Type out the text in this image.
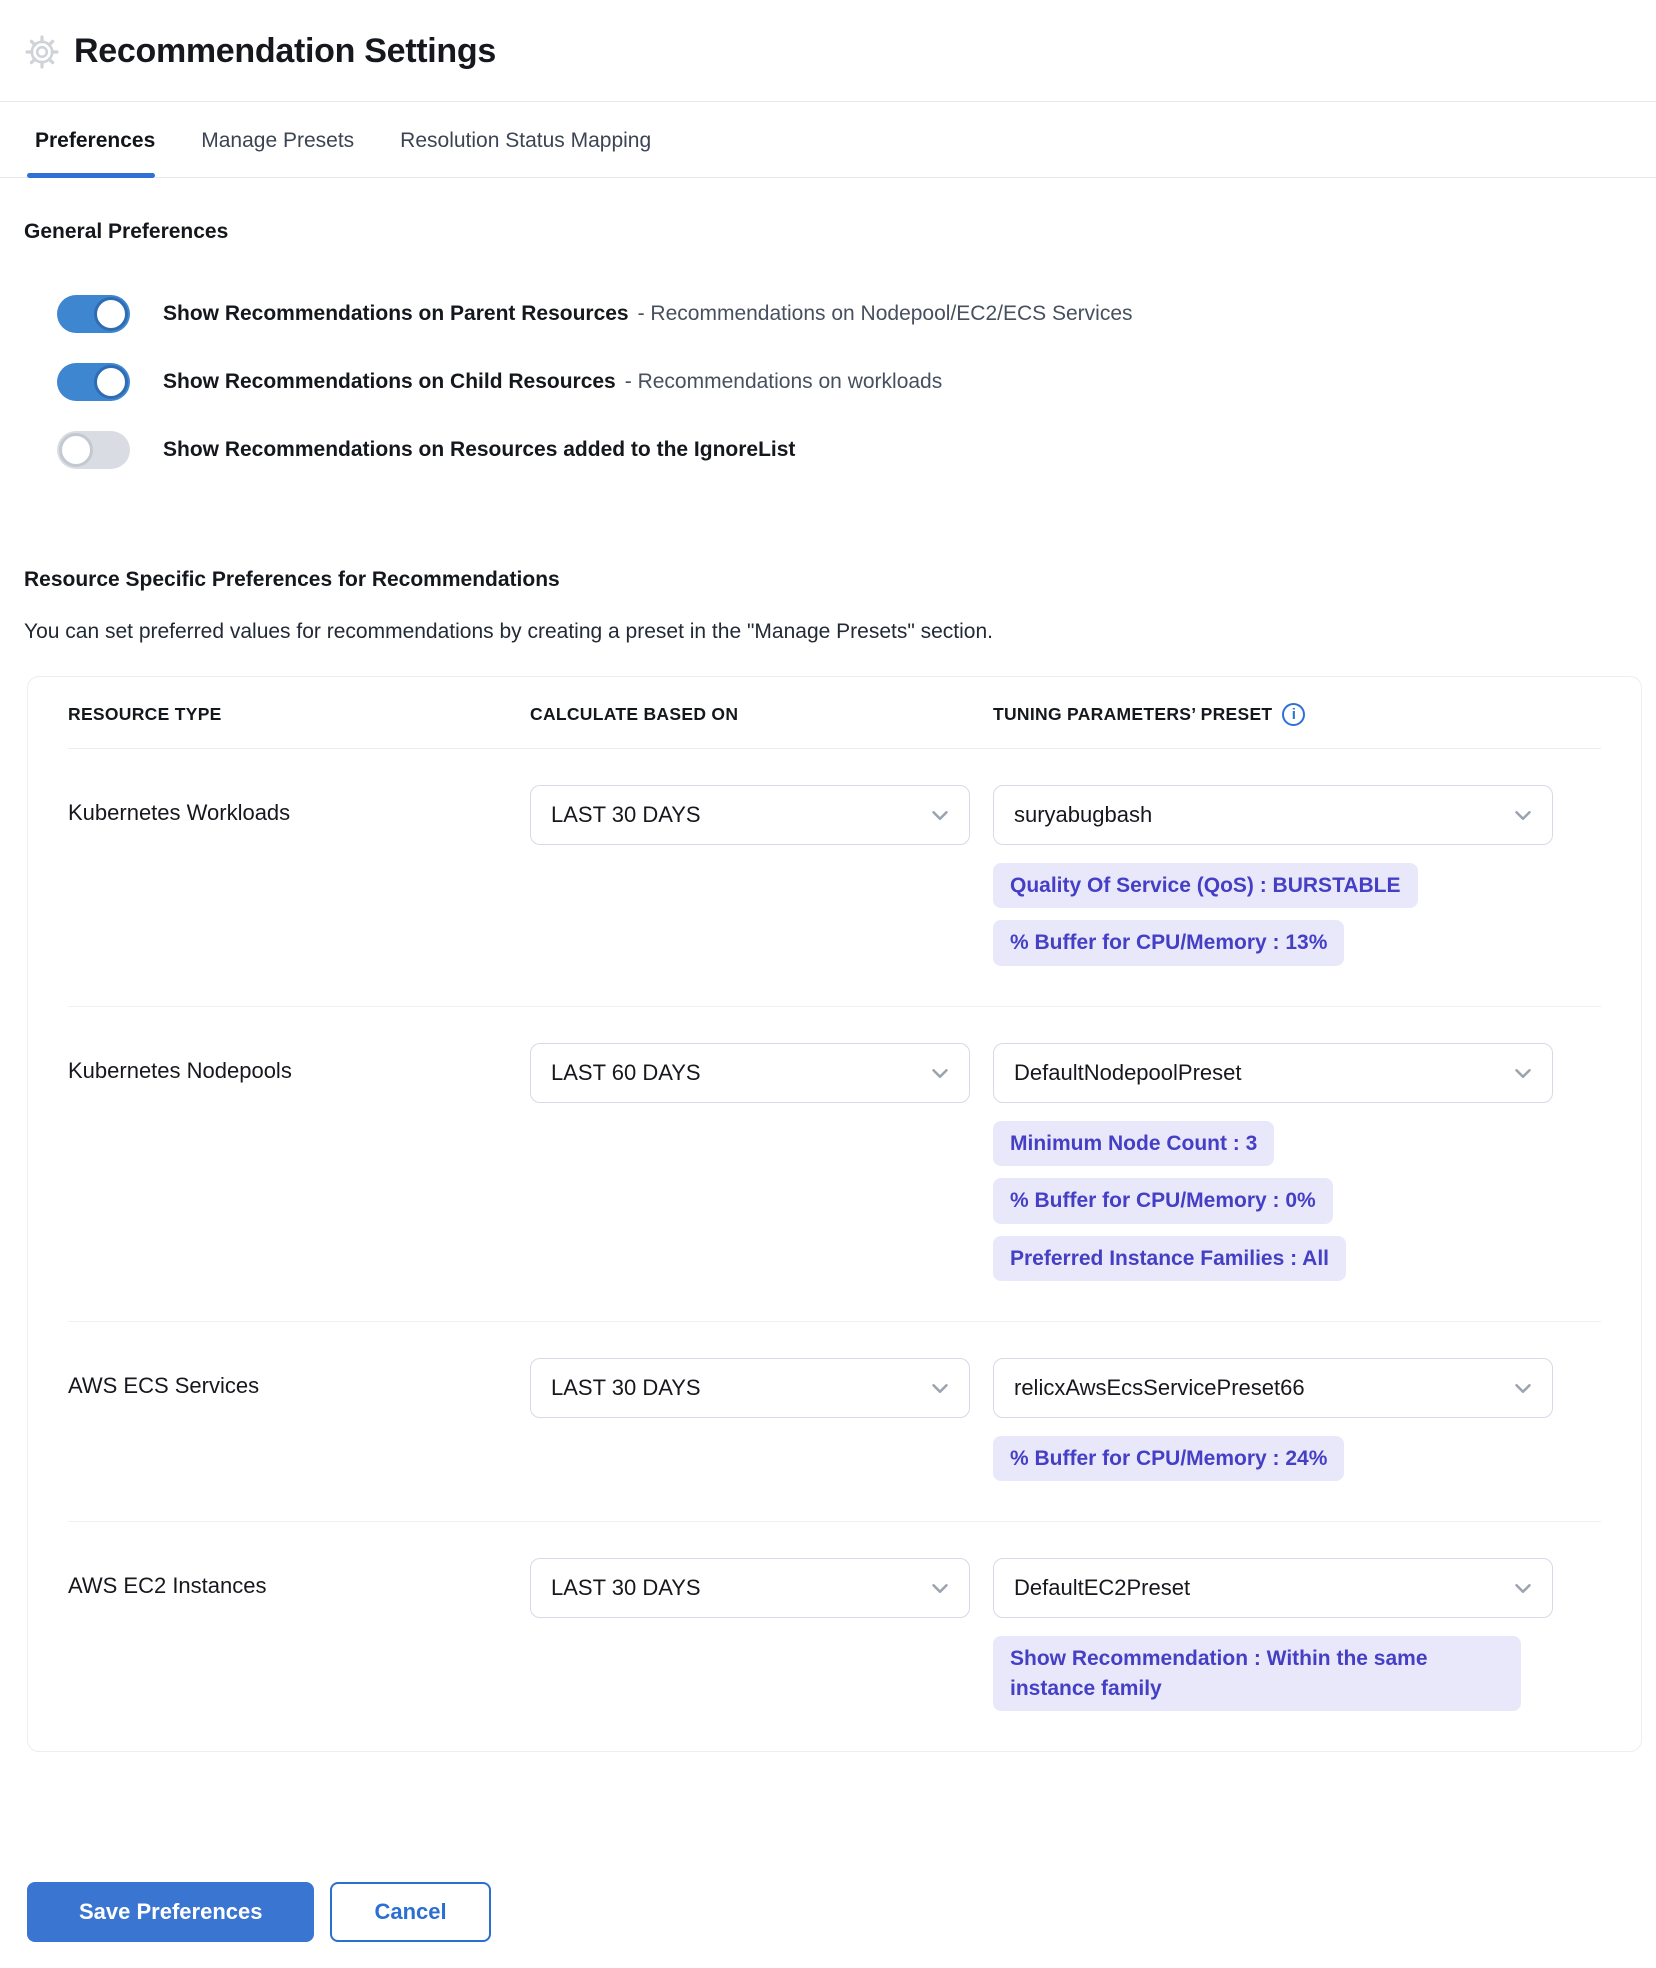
Recommendation Settings
Preferences Manage Presets Resolution Status Mapping
General Preferences
Show Recommendations on Parent Resources - Recommendations on Nodepool/EC2/ECS Services
Show Recommendations on Child Resources - Recommendations on workloads
Show Recommendations on Resources added to the IgnoreList
Resource Specific Preferences for Recommendations

You can set preferred values for recommendations by creating a preset in the "Manage Presets" section.

RESOURCE TYPE	CALCULATE BASED ON	TUNING PARAMETERS’ PRESET	i
Kubernetes Workloads	LAST 30 DAYS	suryabugbash
Quality Of Service (QoS) : BURSTABLE
% Buffer for CPU/Memory : 13%
Kubernetes Nodepools	LAST 60 DAYS	DefaultNodepoolPreset
Minimum Node Count : 3
% Buffer for CPU/Memory : 0%
Preferred Instance Families : All
AWS ECS Services	LAST 30 DAYS	relicxAwsEcsServicePreset66
% Buffer for CPU/Memory : 24%
AWS EC2 Instances	LAST 30 DAYS	DefaultEC2Preset
Show Recommendation : Within the same instance family
Save Preferences	Cancel
